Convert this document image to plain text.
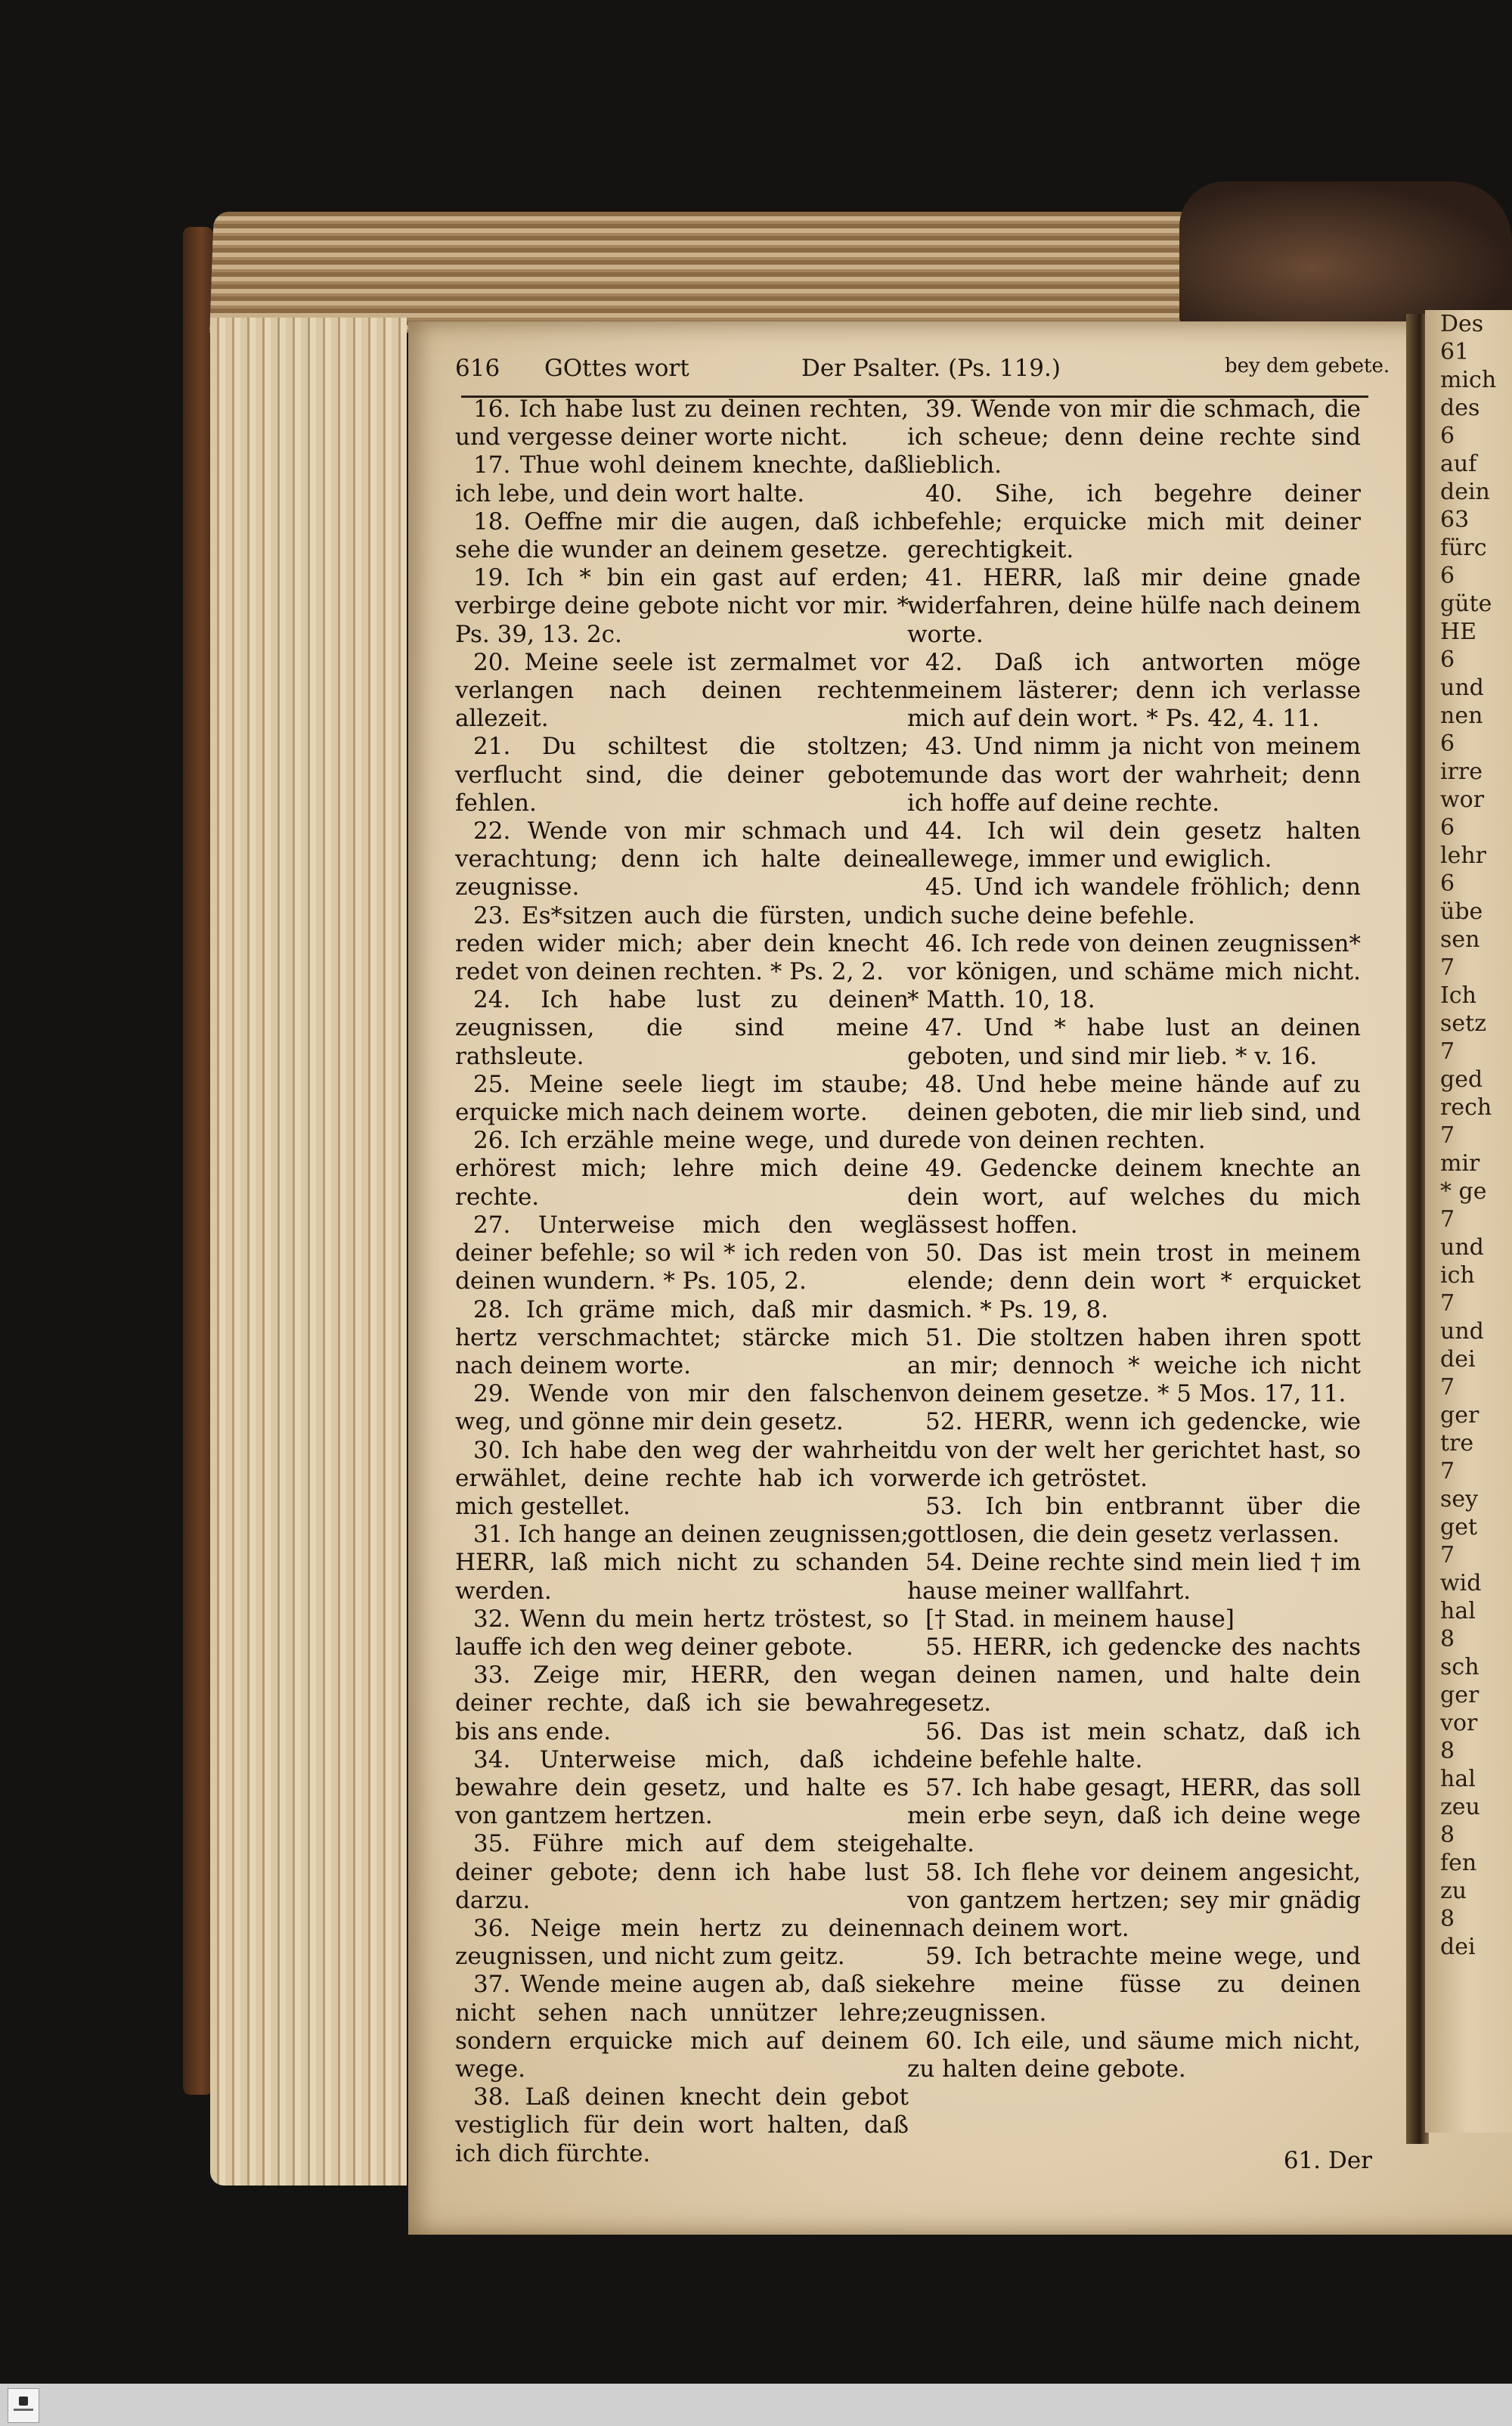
616 GOttes wort	Der Psalter. (Ps. 119.)	bey dem gebete.

16. Ich habe lust zu deinen rechten, und vergesse deiner worte nicht.

17. Thue wohl deinem knechte, daß ich lebe, und dein wort halte.

18. Oeffne mir die augen, daß ich sehe die wunder an deinem gesetze.

19. Ich * bin ein gast auf erden; verbirge deine gebote nicht vor mir. * Ps. 39, 13. 2c.

20. Meine seele ist zermalmet vor verlangen nach deinen rechten allezeit.

21. Du schiltest die stoltzen; verflucht sind, die deiner gebote fehlen.

22. Wende von mir schmach und verachtung; denn ich halte deine zeugnisse.

23. Es*sitzen auch die fürsten, und reden wider mich; aber dein knecht redet von deinen rechten. * Ps. 2, 2.

24. Ich habe lust zu deinen zeugnissen, die sind meine rathsleute.

25. Meine seele liegt im staube; erquicke mich nach deinem worte.

26. Ich erzähle meine wege, und du erhörest mich; lehre mich deine rechte.

27. Unterweise mich den weg deiner befehle; so wil * ich reden von deinen wundern. * Ps. 105, 2.

28. Ich gräme mich, daß mir das hertz verschmachtet; stärcke mich nach deinem worte.

29. Wende von mir den falschen weg, und gönne mir dein gesetz.

30. Ich habe den weg der wahrheit erwählet, deine rechte hab ich vor mich gestellet.

31. Ich hange an deinen zeugnissen; HERR, laß mich nicht zu schanden werden.

32. Wenn du mein hertz tröstest, so lauffe ich den weg deiner gebote.

33. Zeige mir, HERR, den weg deiner rechte, daß ich sie bewahre bis ans ende.

34. Unterweise mich, daß ich bewahre dein gesetz, und halte es von gantzem hertzen.

35. Führe mich auf dem steige deiner gebote; denn ich habe lust darzu.

36. Neige mein hertz zu deinen zeugnissen, und nicht zum geitz.

37. Wende meine augen ab, daß sie nicht sehen nach unnützer lehre; sondern erquicke mich auf deinem wege.

38. Laß deinen knecht dein gebot vestiglich für dein wort halten, daß ich dich fürchte.

39. Wende von mir die schmach, die ich scheue; denn deine rechte sind lieblich.

40. Sihe, ich begehre deiner befehle; erquicke mich mit deiner gerechtigkeit.

41. HERR, laß mir deine gnade widerfahren, deine hülfe nach deinem worte.

42. Daß ich antworten möge meinem lästerer; denn ich verlasse mich auf dein wort. * Ps. 42, 4. 11.

43. Und nimm ja nicht von meinem munde das wort der wahrheit; denn ich hoffe auf deine rechte.

44. Ich wil dein gesetz halten allewege, immer und ewiglich.

45. Und ich wandele fröhlich; denn ich suche deine befehle.

46. Ich rede von deinen zeugnissen* vor königen, und schäme mich nicht. * Matth. 10, 18.

47. Und * habe lust an deinen geboten, und sind mir lieb. * v. 16.

48. Und hebe meine hände auf zu deinen geboten, die mir lieb sind, und rede von deinen rechten.

49. Gedencke deinem knechte an dein wort, auf welches du mich lässest hoffen.

50. Das ist mein trost in meinem elende; denn dein wort * erquicket mich. * Ps. 19, 8.

51. Die stoltzen haben ihren spott an mir; dennoch * weiche ich nicht von deinem gesetze. * 5 Mos. 17, 11.

52. HERR, wenn ich gedencke, wie du von der welt her gerichtet hast, so werde ich getröstet.

53. Ich bin entbrannt über die gottlosen, die dein gesetz verlassen.

54. Deine rechte sind mein lied † im hause meiner wallfahrt.

[† Stad. in meinem hause]

55. HERR, ich gedencke des nachts an deinen namen, und halte dein gesetz.

56. Das ist mein schatz, daß ich deine befehle halte.

57. Ich habe gesagt, HERR, das soll mein erbe seyn, daß ich deine wege halte.

58. Ich flehe vor deinem angesicht, von gantzem hertzen; sey mir gnädig nach deinem wort.

59. Ich betrachte meine wege, und kehre meine füsse zu deinen zeugnissen.

60. Ich eile, und säume mich nicht, zu halten deine gebote.

61. Der
Des
61
mich
des
6
auf
dein
63
fürc
6
güte
HE
6
und
nen
6
irre
wor
6
lehr
6
übe
sen
7
Ich
setz
7
ged
rech
7
mir
* ge
7
und
ich
7
und
dei
7
ger
tre
7
sey
get
7
wid
hal
8
sch
ger
vor
8
hal
zeu
8
fen
zu
8
dei
